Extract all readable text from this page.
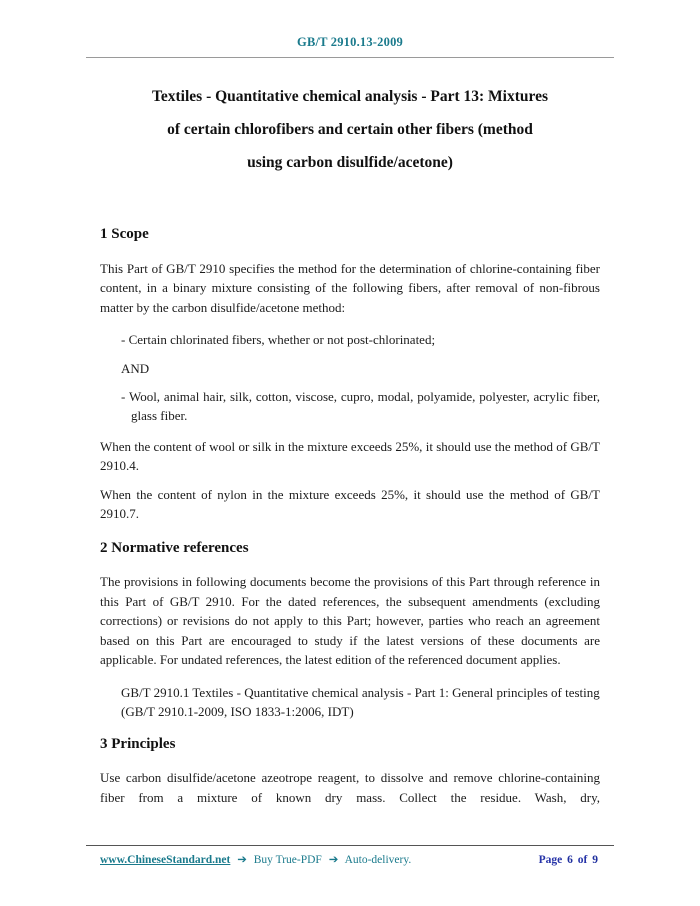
GB/T 2910.13-2009
Textiles - Quantitative chemical analysis - Part 13: Mixtures
of certain chlorofibers and certain other fibers (method
using carbon disulfide/acetone)
1 Scope

This Part of GB/T 2910 specifies the method for the determination of chlorine-containing fiber content, in a binary mixture consisting of the following fibers, after removal of non-fibrous matter by the carbon disulfide/acetone method:

- Certain chlorinated fibers, whether or not post-chlorinated;

AND

- Wool, animal hair, silk, cotton, viscose, cupro, modal, polyamide, polyester, acrylic fiber, glass fiber.

When the content of wool or silk in the mixture exceeds 25%, it should use the method of GB/T 2910.4.

When the content of nylon in the mixture exceeds 25%, it should use the method of GB/T 2910.7.

2 Normative references

The provisions in following documents become the provisions of this Part through reference in this Part of GB/T 2910. For the dated references, the subsequent amendments (excluding corrections) or revisions do not apply to this Part; however, parties who reach an agreement based on this Part are encouraged to study if the latest versions of these documents are applicable. For undated references, the latest edition of the referenced document applies.

GB/T 2910.1 Textiles - Quantitative chemical analysis - Part 1: General principles of testing (GB/T 2910.1-2009, ISO 1833-1:2006, IDT)

3 Principles

Use carbon disulfide/acetone azeotrope reagent, to dissolve and remove chlorine-containing fiber from a mixture of known dry mass. Collect the residue. Wash, dry,

www.ChineseStandard.net ➔ Buy True-PDF ➔ Auto-delivery.	Page 6 of 9
